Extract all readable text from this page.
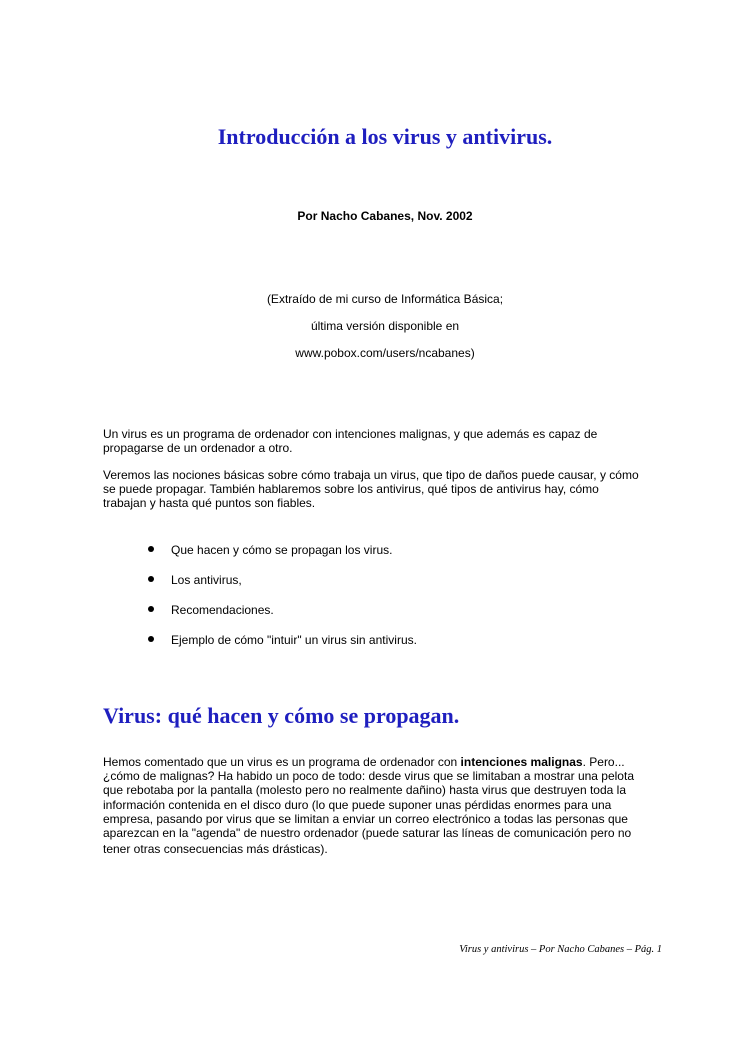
Introducción a los virus y antivirus.
Por Nacho Cabanes, Nov. 2002
(Extraído de mi curso de Informática Básica;
última versión disponible en
www.pobox.com/users/ncabanes)
Un virus es un programa de ordenador con intenciones malignas, y que además es capaz de
propagarse de un ordenador a otro.
Veremos las nociones básicas sobre cómo trabaja un virus, que tipo de daños puede causar, y cómo
se puede propagar. También hablaremos sobre los antivirus, qué tipos de antivirus hay, cómo
trabajan y hasta qué puntos son fiables.
Que hacen y cómo se propagan los virus.
Los antivirus,
Recomendaciones.
Ejemplo de cómo "intuir" un virus sin antivirus.
Virus: qué hacen y cómo se propagan.
Hemos comentado que un virus es un programa de ordenador con intenciones malignas. Pero...
¿cómo de malignas? Ha habido un poco de todo: desde virus que se limitaban a mostrar una pelota
que rebotaba por la pantalla (molesto pero no realmente dañino) hasta virus que destruyen toda la
información contenida en el disco duro (lo que puede suponer unas pérdidas enormes para una
empresa, pasando por virus que se limitan a enviar un correo electrónico a todas las personas que
aparezcan en la "agenda" de nuestro ordenador (puede saturar las líneas de comunicación pero no
tener otras consecuencias más drásticas).
Virus y antivirus – Por Nacho Cabanes – Pág. 1
